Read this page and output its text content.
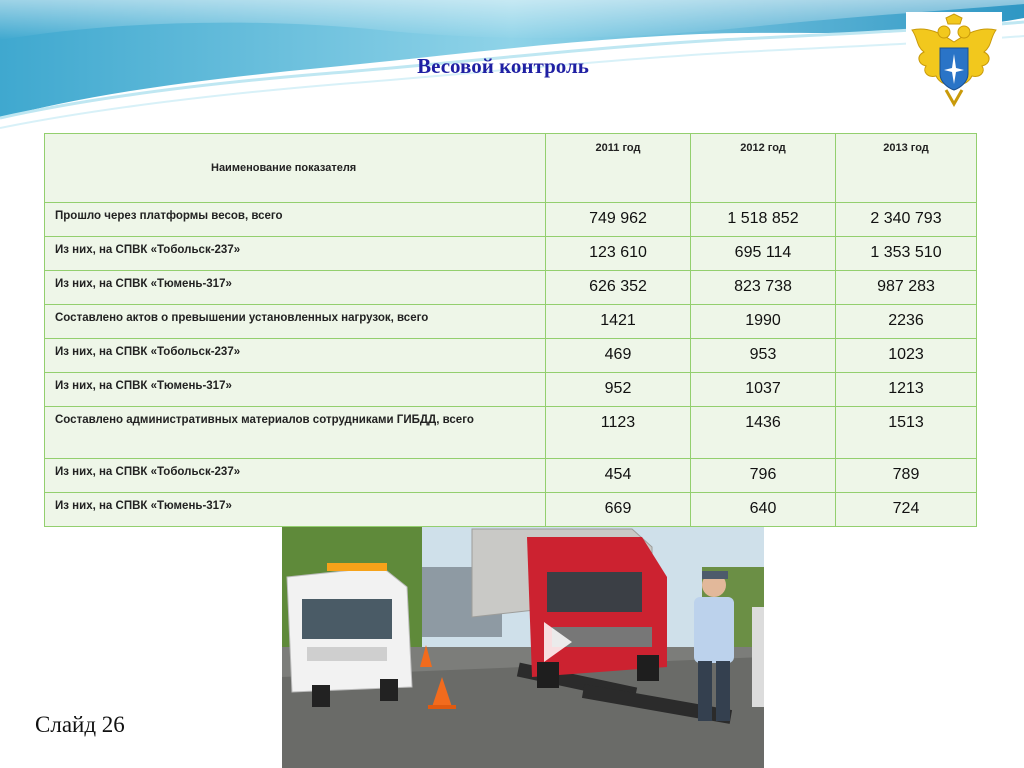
Весовой контроль
Наименование показателя	2011 год	2012 год	2013 год
Прошло через платформы весов, всего	749 962	1 518 852	2 340 793
Из них, на СПВК «Тобольск-237»	123 610	695 114	1 353 510
Из них, на СПВК «Тюмень-317»	626 352	823 738	987 283
Составлено актов о превышении установленных нагрузок, всего	1421	1990	2236
Из них, на СПВК «Тобольск-237»	469	953	1023
Из них, на СПВК «Тюмень-317»	952	1037	1213
Составлено административных материалов сотрудниками ГИБДД, всего	1123	1436	1513
Из них, на СПВК «Тобольск-237»	454	796	789
Из них, на СПВК «Тюмень-317»	669	640	724
Слайд 26
